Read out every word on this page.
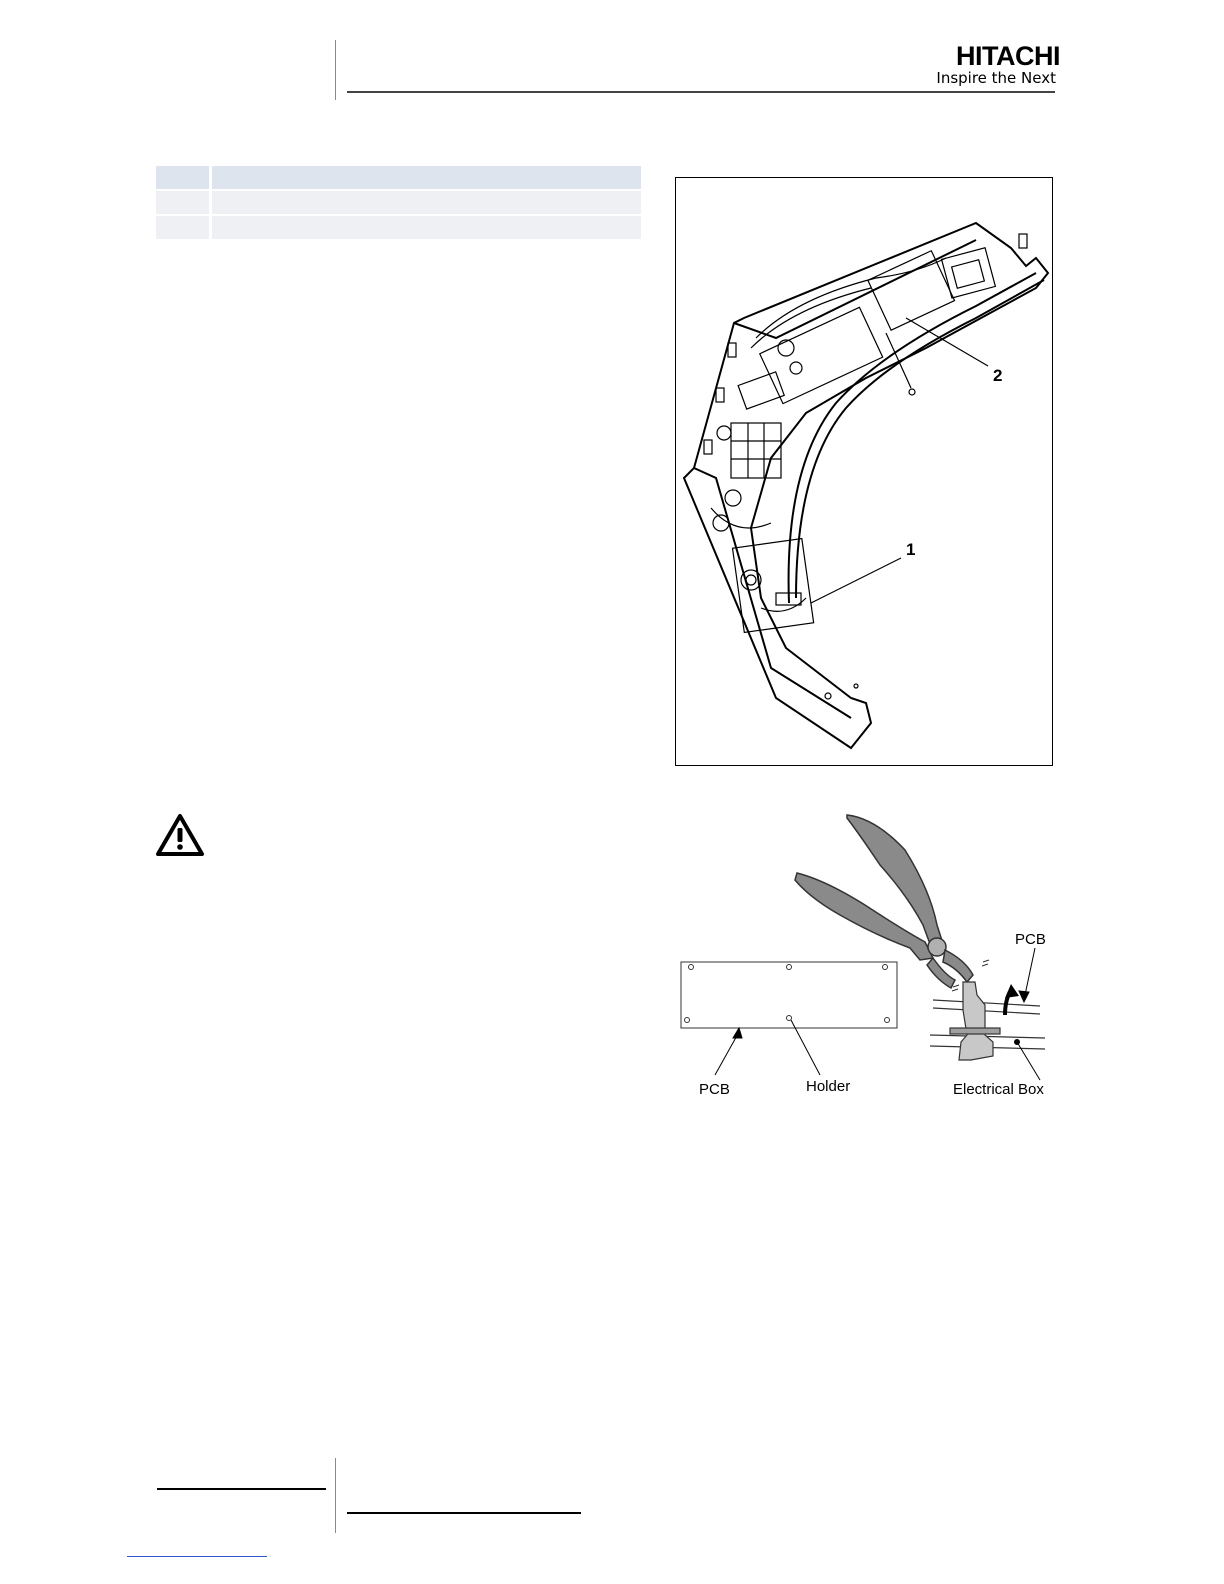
HITACHI
Inspire the Next
2
1
PCB
PCB	Holder	Electrical Box
